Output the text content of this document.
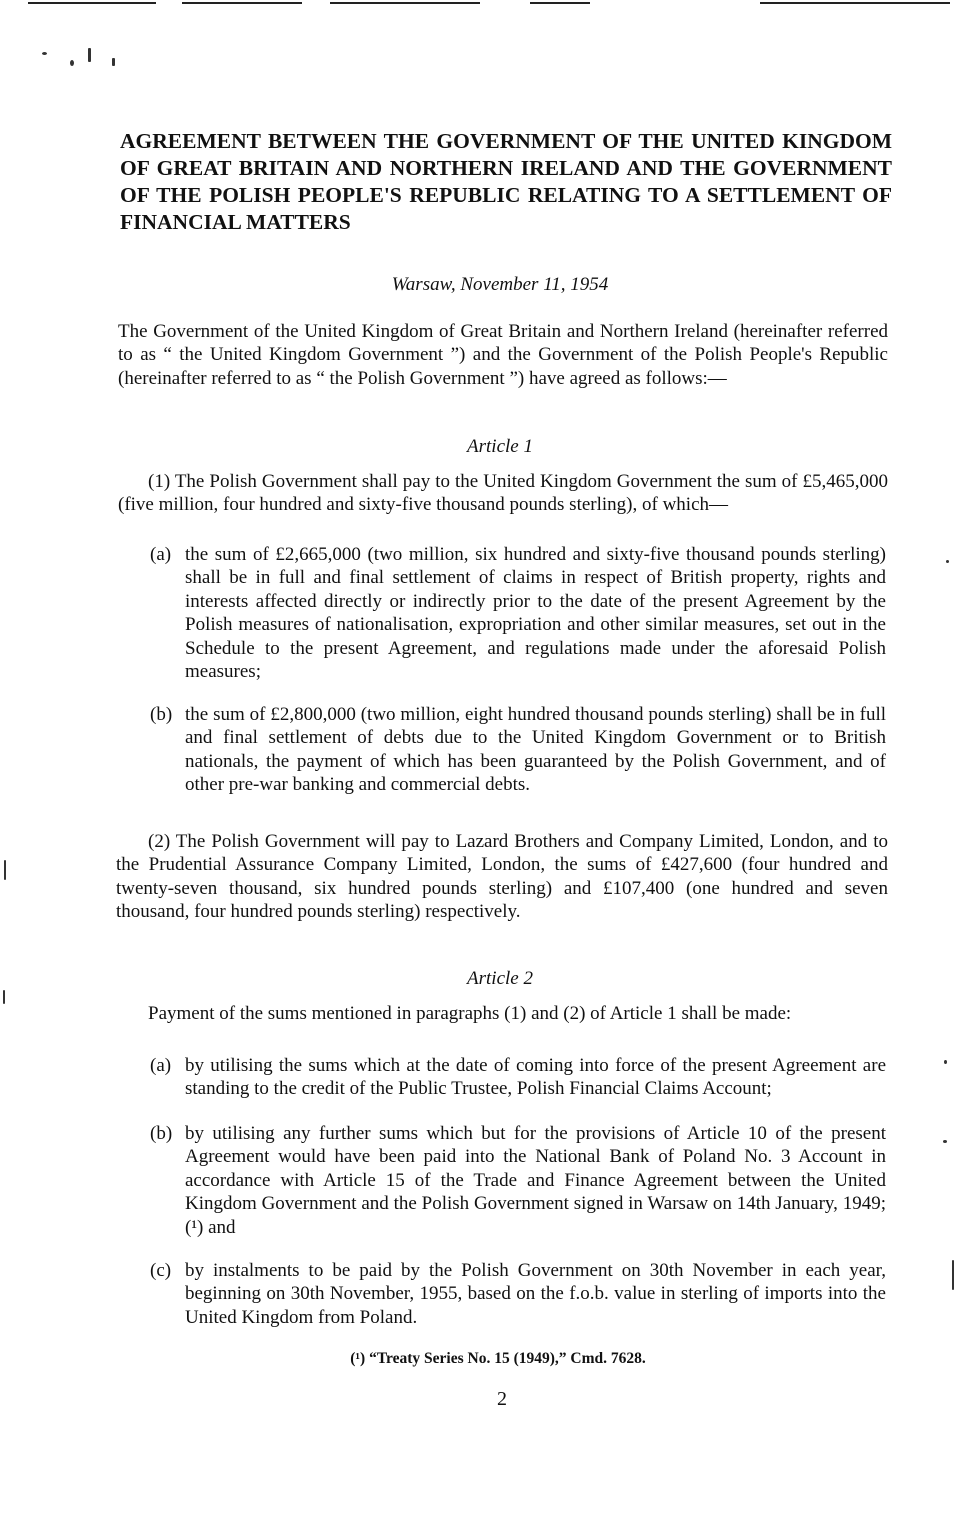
AGREEMENT BETWEEN THE GOVERNMENT OF THE UNITED KINGDOM OF GREAT BRITAIN AND NORTHERN IRELAND AND THE GOVERNMENT OF THE POLISH PEOPLE'S REPUBLIC RELATING TO A SETTLEMENT OF FINANCIAL MATTERS

Warsaw, November 11, 1954

The Government of the United Kingdom of Great Britain and Northern Ireland (hereinafter referred to as “ the United Kingdom Government ”) and the Government of the Polish People's Republic (hereinafter referred to as “ the Polish Government ”) have agreed as follows:—

Article 1

(1) The Polish Government shall pay to the United Kingdom Government the sum of £5,465,000 (five million, four hundred and sixty-five thousand pounds sterling), of which—

(a) the sum of £2,665,000 (two million, six hundred and sixty-five thousand pounds sterling) shall be in full and final settlement of claims in respect of British property, rights and interests affected directly or indirectly prior to the date of the present Agreement by the Polish measures of nationalisation, expropriation and other similar measures, set out in the Schedule to the present Agreement, and regulations made under the aforesaid Polish measures;
(b) the sum of £2,800,000 (two million, eight hundred thousand pounds sterling) shall be in full and final settlement of debts due to the United Kingdom Government or to British nationals, the payment of which has been guaranteed by the Polish Government, and of other pre-war banking and commercial debts.

(2) The Polish Government will pay to Lazard Brothers and Company Limited, London, and to the Prudential Assurance Company Limited, London, the sums of £427,600 (four hundred and twenty-seven thousand, six hundred pounds sterling) and £107,400 (one hundred and seven thousand, four hundred pounds sterling) respectively.

Article 2

Payment of the sums mentioned in paragraphs (1) and (2) of Article 1 shall be made:

(a) by utilising the sums which at the date of coming into force of the present Agreement are standing to the credit of the Public Trustee, Polish Financial Claims Account;
(b) by utilising any further sums which but for the provisions of Article 10 of the present Agreement would have been paid into the National Bank of Poland No. 3 Account in accordance with Article 15 of the Trade and Finance Agreement between the United Kingdom Government and the Polish Government signed in Warsaw on 14th January, 1949;(¹) and
(c) by instalments to be paid by the Polish Government on 30th November in each year, beginning on 30th November, 1955, based on the f.o.b. value in sterling of imports into the United Kingdom from Poland.

(¹) “Treaty Series No. 15 (1949),” Cmd. 7628.

2
